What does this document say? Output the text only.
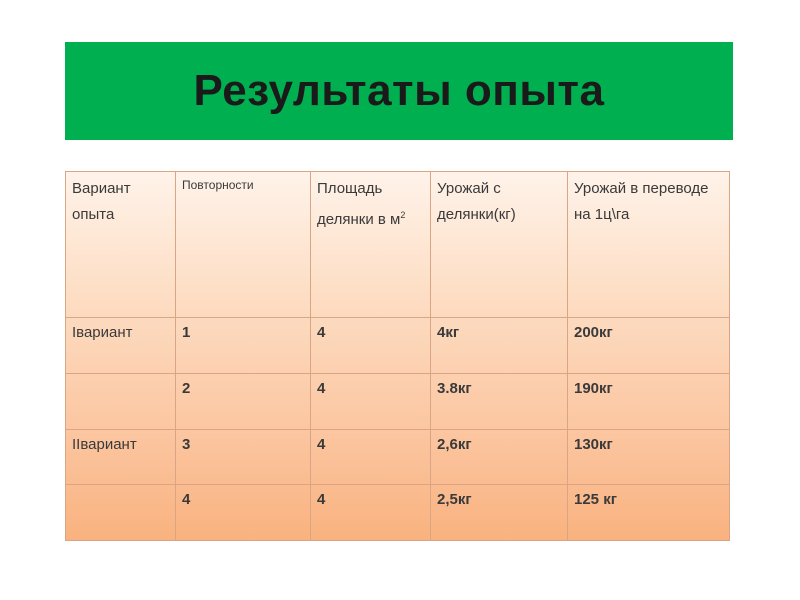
Результаты опыта
Вариант опыта	Повторности	Площадь делянки в $м^2$	Урожай с делянки(кг)	Урожай в переводе на 1ц\га

Iвариант	1	4	4кг	200кг
	2	4	3.8кг	190кг
IIвариант	3	4	2,6кг	130кг
	4	4	2,5кг	125 кг
